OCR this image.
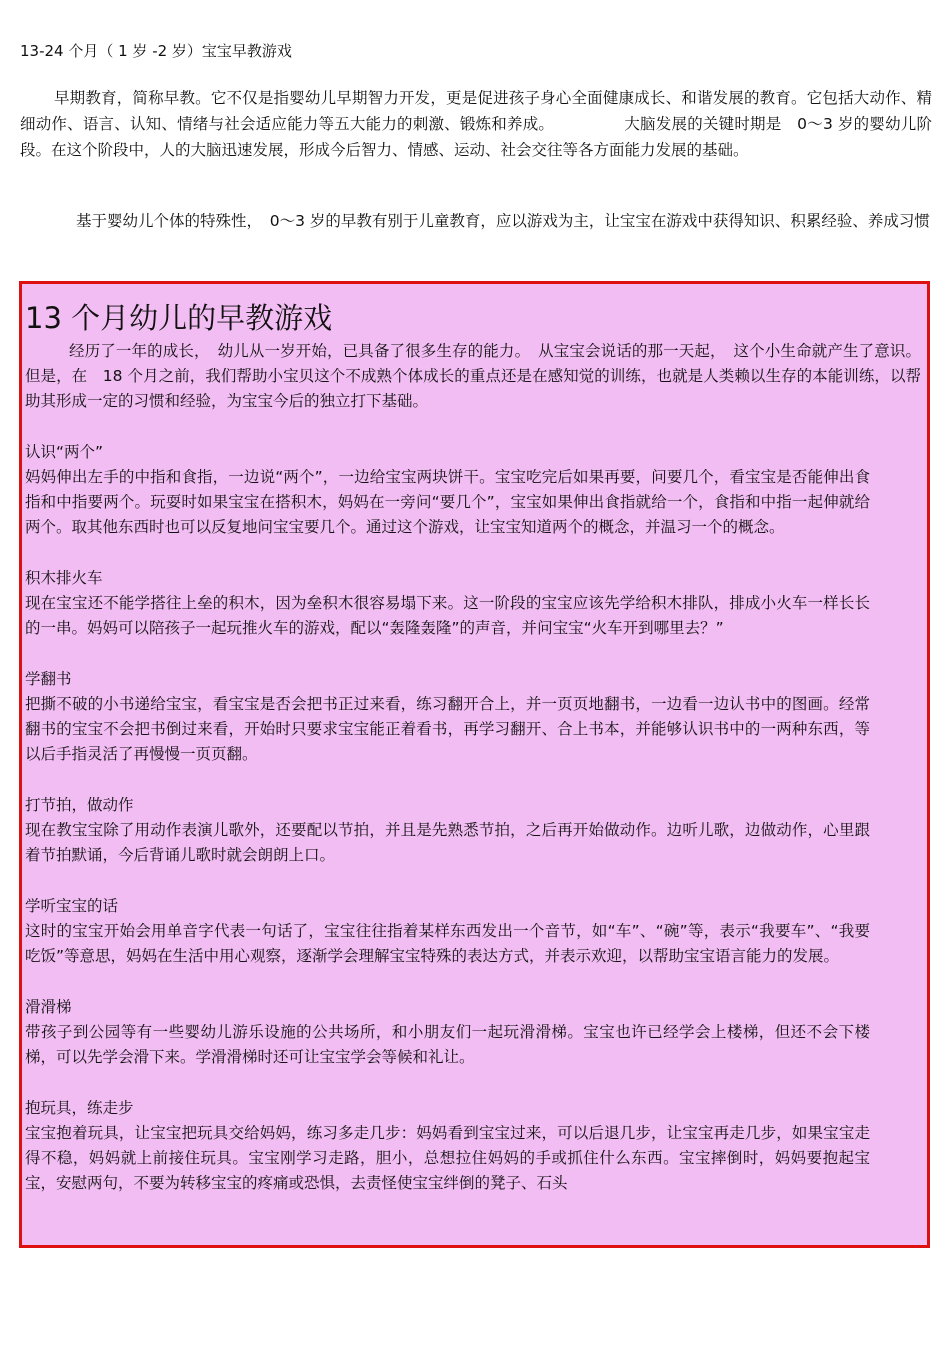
13-24 个月（ 1 岁 -2 岁）宝宝早教游戏
早期教育，简称早教。它不仅是指婴幼儿早期智力开发，更是促进孩子身心全面健康成长、和谐发展的教育。它包括大动作、精细动作、语言、认知、情绪与社会适应能力等五大能力的刺激、锻炼和养成。	大脑发展的关键时期是　0～3 岁的婴幼儿阶段。在这个阶段中，人的大脑迅速发展，形成今后智力、情感、运动、社会交往等各方面能力发展的基础。
基于婴幼儿个体的特殊性，　0～3 岁的早教有别于儿童教育，应以游戏为主，让宝宝在游戏中获得知识、积累经验、养成习惯
13 个月幼儿的早教游戏
经历了一年的成长，　幼儿从一岁开始，已具备了很多生存的能力。　从宝宝会说话的那一天起，　这个小生命就产生了意识。但是，在　18 个月之前，我们帮助小宝贝这个不成熟个体成长的重点还是在感知觉的训练，也就是人类赖以生存的本能训练，以帮助其形成一定的习惯和经验，为宝宝今后的独立打下基础。
认识“两个”
妈妈伸出左手的中指和食指，一边说“两个”，一边给宝宝两块饼干。宝宝吃完后如果再要，问要几个，看宝宝是否能伸出食指和中指要两个。玩耍时如果宝宝在搭积木，妈妈在一旁问“要几个”，宝宝如果伸出食指就给一个，食指和中指一起伸就给两个。取其他东西时也可以反复地问宝宝要几个。通过这个游戏，让宝宝知道两个的概念，并温习一个的概念。
积木排火车
现在宝宝还不能学搭往上垒的积木，因为垒积木很容易塌下来。这一阶段的宝宝应该先学给积木排队，排成小火车一样长长的一串。妈妈可以陪孩子一起玩推火车的游戏，配以“轰隆轰隆”的声音，并问宝宝“火车开到哪里去？”
学翻书
把撕不破的小书递给宝宝，看宝宝是否会把书正过来看，练习翻开合上，并一页页地翻书，一边看一边认书中的图画。经常翻书的宝宝不会把书倒过来看，开始时只要求宝宝能正着看书，再学习翻开、合上书本，并能够认识书中的一两种东西，等以后手指灵活了再慢慢一页页翻。
打节拍，做动作
现在教宝宝除了用动作表演儿歌外，还要配以节拍，并且是先熟悉节拍，之后再开始做动作。边听儿歌，边做动作，心里跟着节拍默诵，今后背诵儿歌时就会朗朗上口。
学听宝宝的话
这时的宝宝开始会用单音字代表一句话了，宝宝往往指着某样东西发出一个音节，如“车”、“碗”等，表示“我要车”、“我要吃饭”等意思，妈妈在生活中用心观察，逐渐学会理解宝宝特殊的表达方式，并表示欢迎，以帮助宝宝语言能力的发展。
滑滑梯
带孩子到公园等有一些婴幼儿游乐设施的公共场所，和小朋友们一起玩滑滑梯。宝宝也许已经学会上楼梯，但还不会下楼梯，可以先学会滑下来。学滑滑梯时还可让宝宝学会等候和礼让。
抱玩具，练走步
宝宝抱着玩具，让宝宝把玩具交给妈妈，练习多走几步：妈妈看到宝宝过来，可以后退几步，让宝宝再走几步，如果宝宝走得不稳，妈妈就上前接住玩具。宝宝刚学习走路，胆小，总想拉住妈妈的手或抓住什么东西。宝宝摔倒时，妈妈要抱起宝宝，安慰两句，不要为转移宝宝的疼痛或恐惧，去责怪使宝宝绊倒的凳子、石头
